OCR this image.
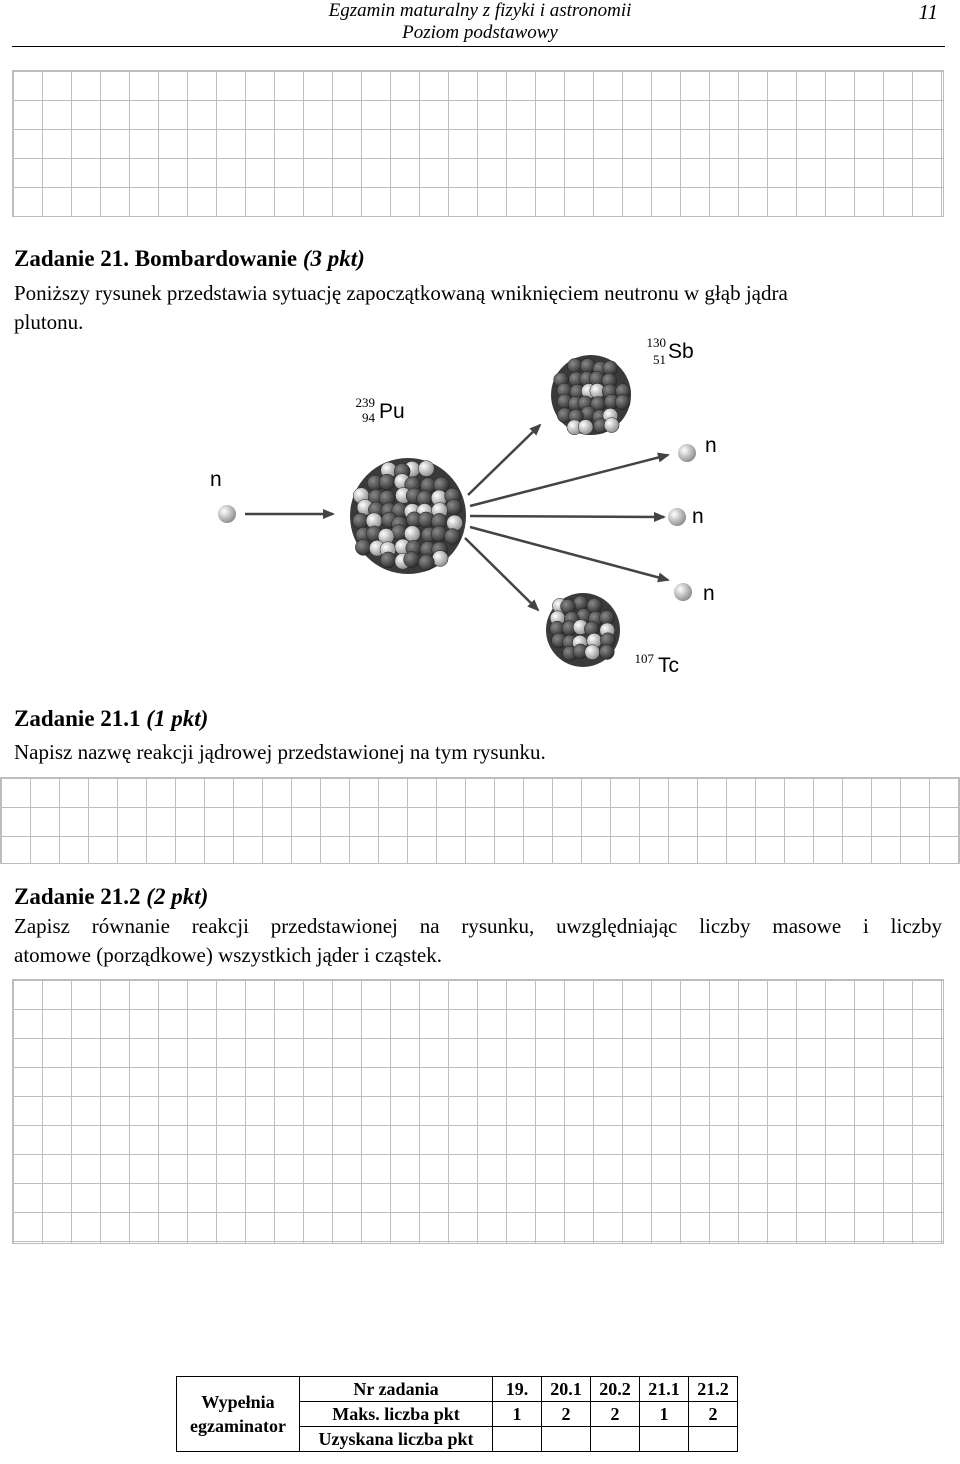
Egzamin maturalny z fizyki i astronomii
Poziom podstawowy
11
Zadanie 21. Bombardowanie (3 pkt)
Poniższy rysunek przedstawia sytuację zapoczątkowaną wniknięciem neutronu w głąb jądra
plutonu.
n
239
94 Pu
130
51 Sb
n
n
n
107 Tc
Zadanie 21.1 (1 pkt)
Napisz nazwę reakcji jądrowej przedstawionej na tym rysunku.
Zadanie 21.2 (2 pkt)
Zapisz równanie reakcji przedstawionej na rysunku, uwzględniając liczby masowe i liczby
atomowe (porządkowe) wszystkich jąder i cząstek.
Wypełnia
egzaminator	Nr zadania	19.	20.1	20.2	21.1	21.2
	Maks. liczba pkt	1	2	2	1	2
	Uzyskana liczba pkt					
